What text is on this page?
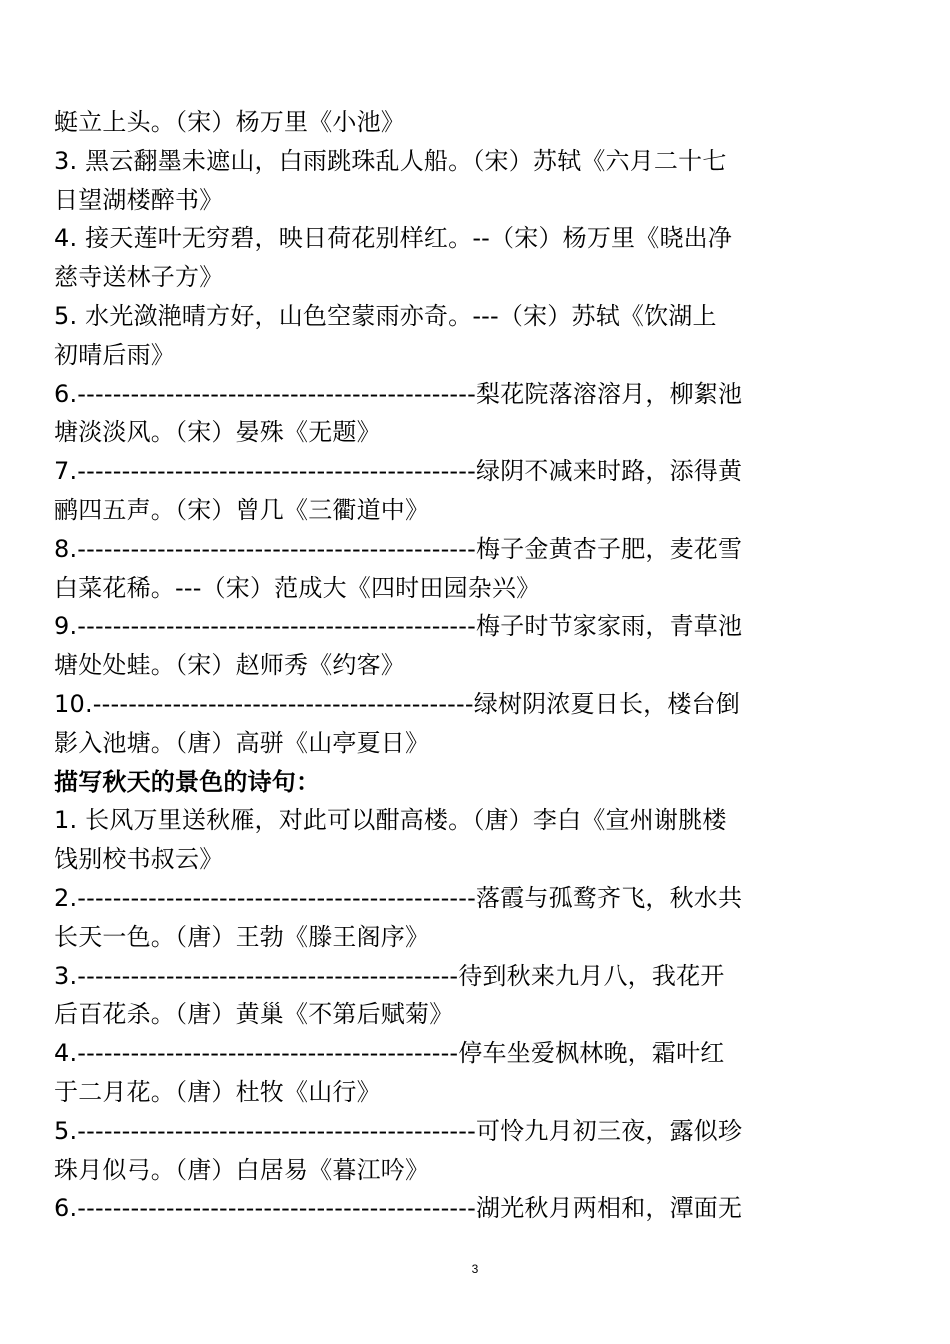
蜓立上头。（宋）杨万里《小池》
3. 黑云翻墨未遮山，白雨跳珠乱人船。（宋）苏轼《六月二十七
日望湖楼醉书》
4. 接天莲叶无穷碧，映日荷花别样红。--（宋）杨万里《晓出净
慈寺送林子方》
5. 水光潋滟晴方好，山色空蒙雨亦奇。---（宋）苏轼《饮湖上
初晴后雨》
6.---------------------------------------------梨花院落溶溶月，柳絮池
塘淡淡风。（宋）晏殊《无题》
7.---------------------------------------------绿阴不减来时路，添得黄
鹂四五声。（宋）曾几《三衢道中》
8.---------------------------------------------梅子金黄杏子肥，麦花雪
白菜花稀。---（宋）范成大《四时田园杂兴》
9.---------------------------------------------梅子时节家家雨，青草池
塘处处蛙。（宋）赵师秀《约客》
10.-------------------------------------------绿树阴浓夏日长，楼台倒
影入池塘。（唐）高骈《山亭夏日》
描写秋天的景色的诗句：
1. 长风万里送秋雁，对此可以酣高楼。（唐）李白《宣州谢朓楼
饯别校书叔云》
2.---------------------------------------------落霞与孤鹜齐飞，秋水共
长天一色。（唐）王勃《滕王阁序》
3.-------------------------------------------待到秋来九月八，我花开
后百花杀。（唐）黄巢《不第后赋菊》
4.-------------------------------------------停车坐爱枫林晚，霜叶红
于二月花。（唐）杜牧《山行》
5.---------------------------------------------可怜九月初三夜，露似珍
珠月似弓。（唐）白居易《暮江吟》
6.---------------------------------------------湖光秋月两相和，潭面无
3
